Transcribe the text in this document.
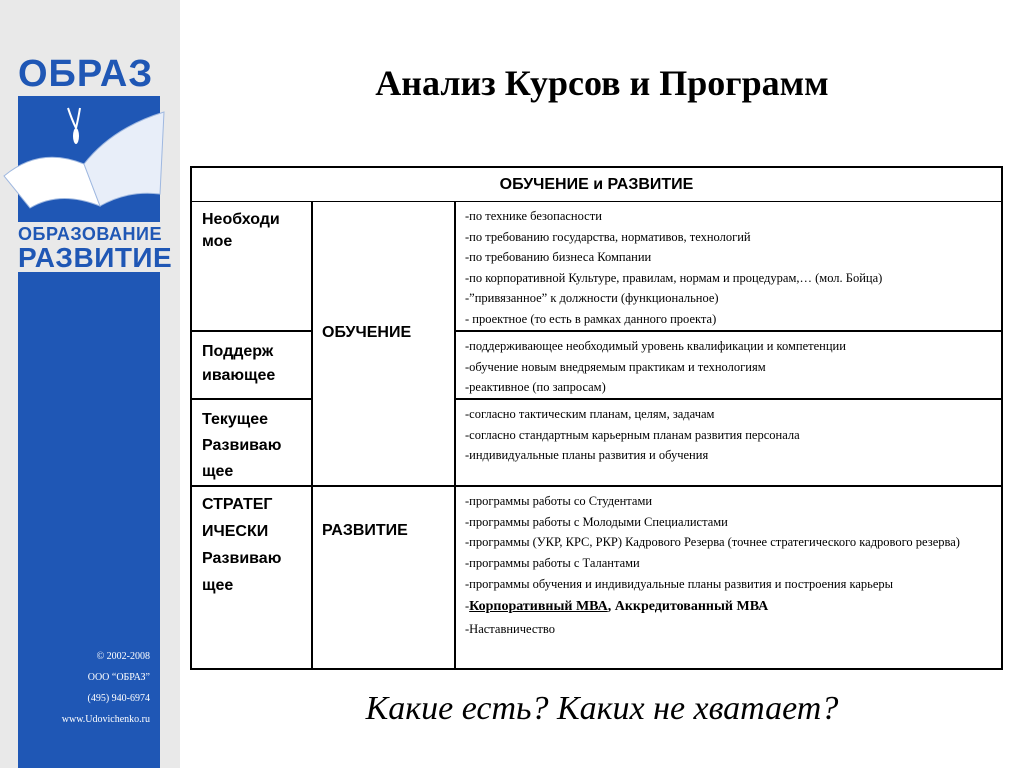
ОБРАЗ
ОБРАЗОВАНИЕ
РАЗВИТИЕ
© 2002-2008
ООО “ОБРАЗ”
(495) 940-6974
www.Udovichenko.ru
Анализ Курсов и Программ
ОБУЧЕНИЕ и РАЗВИТИЕ
Необходи
мое
-по технике безопасности
-по требованию государства, нормативов, технологий
-по требованию бизнеса Компании
-по корпоративной Культуре, правилам, нормам и процедурам,… (мол. Бойца)
-”привязанное” к должности (функциональное)
- проектное (то есть в рамках данного проекта)
ОБУЧЕНИЕ
Поддерж
ивающее
-поддерживающее необходимый уровень квалификации и компетенции
-обучение новым внедряемым практикам и технологиям
-реактивное (по запросам)
Текущее
Развиваю
щее
-согласно тактическим планам, целям, задачам
-согласно стандартным карьерным планам развития персонала
-индивидуальные планы развития и обучения
СТРАТЕГ
ИЧЕСКИ
Развиваю
щее
РАЗВИТИЕ
-программы работы со Студентами
-программы работы с Молодыми Специалистами
-программы (УКР, КРС, РКР) Кадрового Резерва (точнее стратегического кадрового резерва)
-программы работы с Талантами
-программы обучения и индивидуальные планы развития и построения карьеры
-Корпоративный МВА, Аккредитованный МВА
-Наставничество
Какие есть? Каких не хватает?
